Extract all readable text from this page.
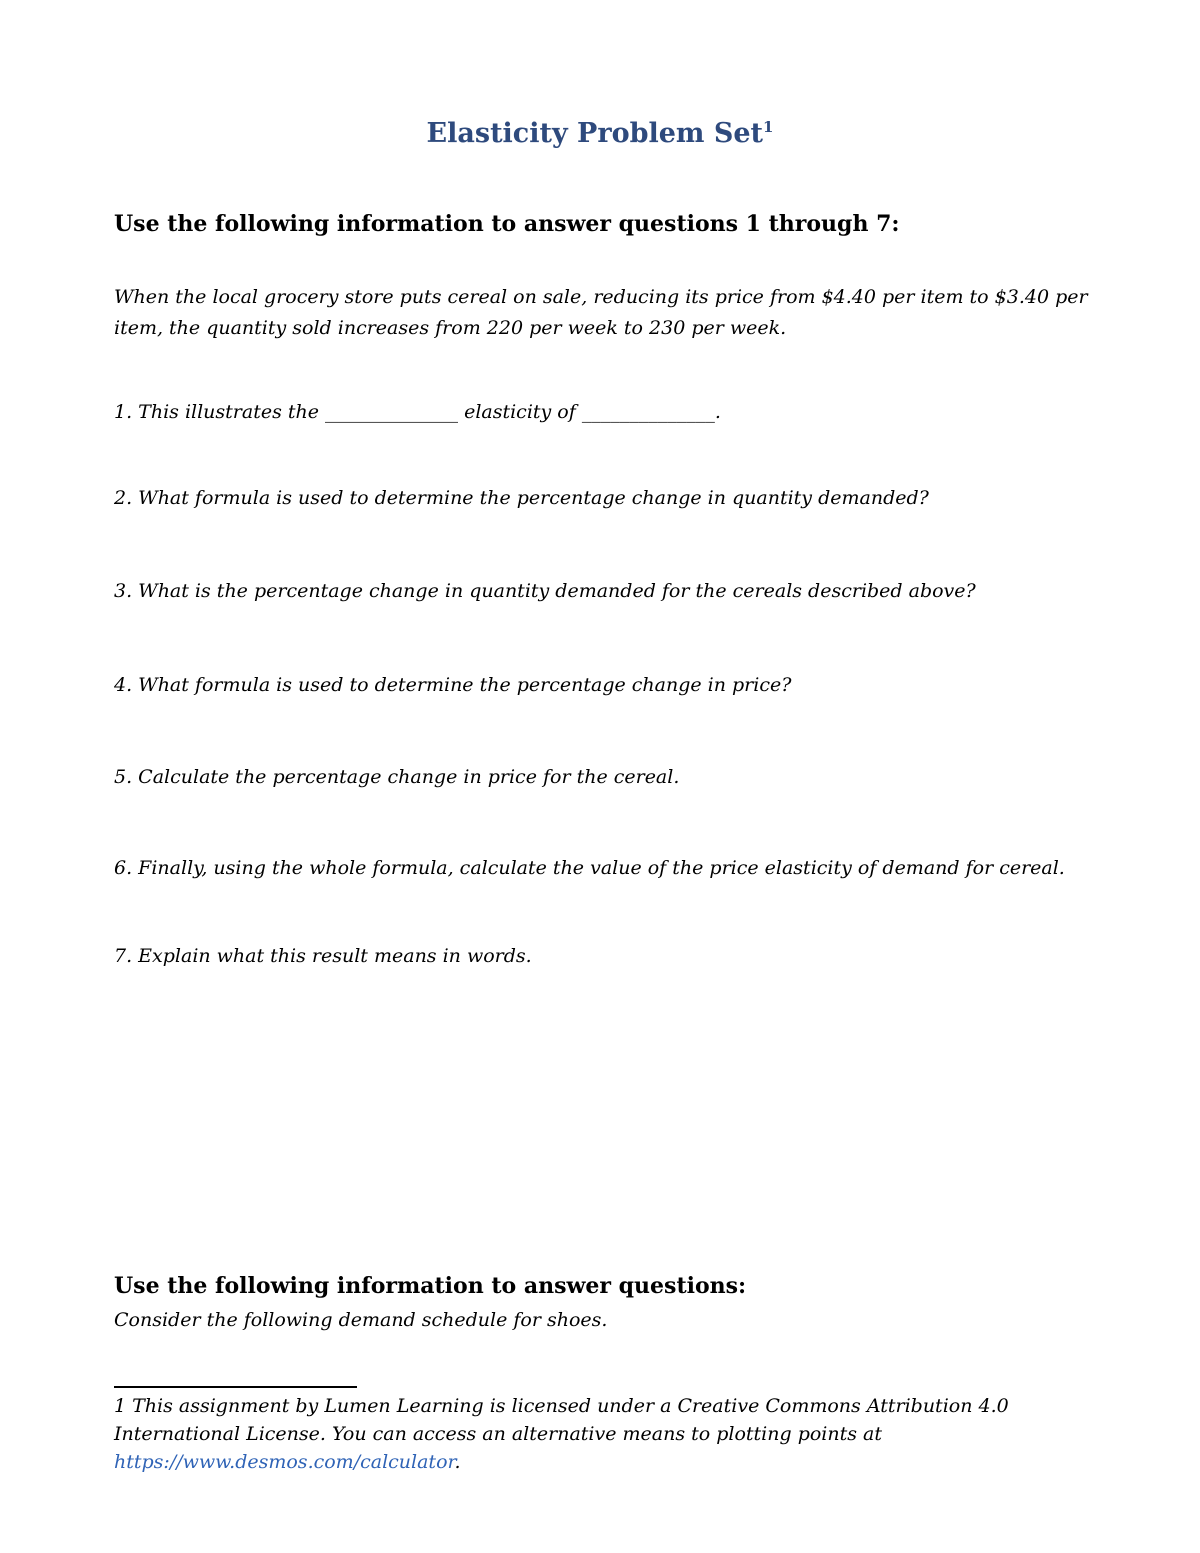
Elasticity Problem Set$^1$
Use the following information to answer questions 1 through 7:

When the local grocery store puts cereal on sale, reducing its price from $4.40 per item to $3.40 per item, the quantity sold increases from 220 per week to 230 per week.

1. This illustrates the ______________ elasticity of ______________.
2. What formula is used to determine the percentage change in quantity demanded?
3. What is the percentage change in quantity demanded for the cereals described above?
4. What formula is used to determine the percentage change in price?
5. Calculate the percentage change in price for the cereal.
6. Finally, using the whole formula, calculate the value of the price elasticity of demand for cereal.
7. Explain what this result means in words.
Use the following information to answer questions:
Consider the following demand schedule for shoes.

1 This assignment by Lumen Learning is licensed under a Creative Commons Attribution 4.0 International License. You can access an alternative means to plotting points at https://www.desmos.com/calculator.
